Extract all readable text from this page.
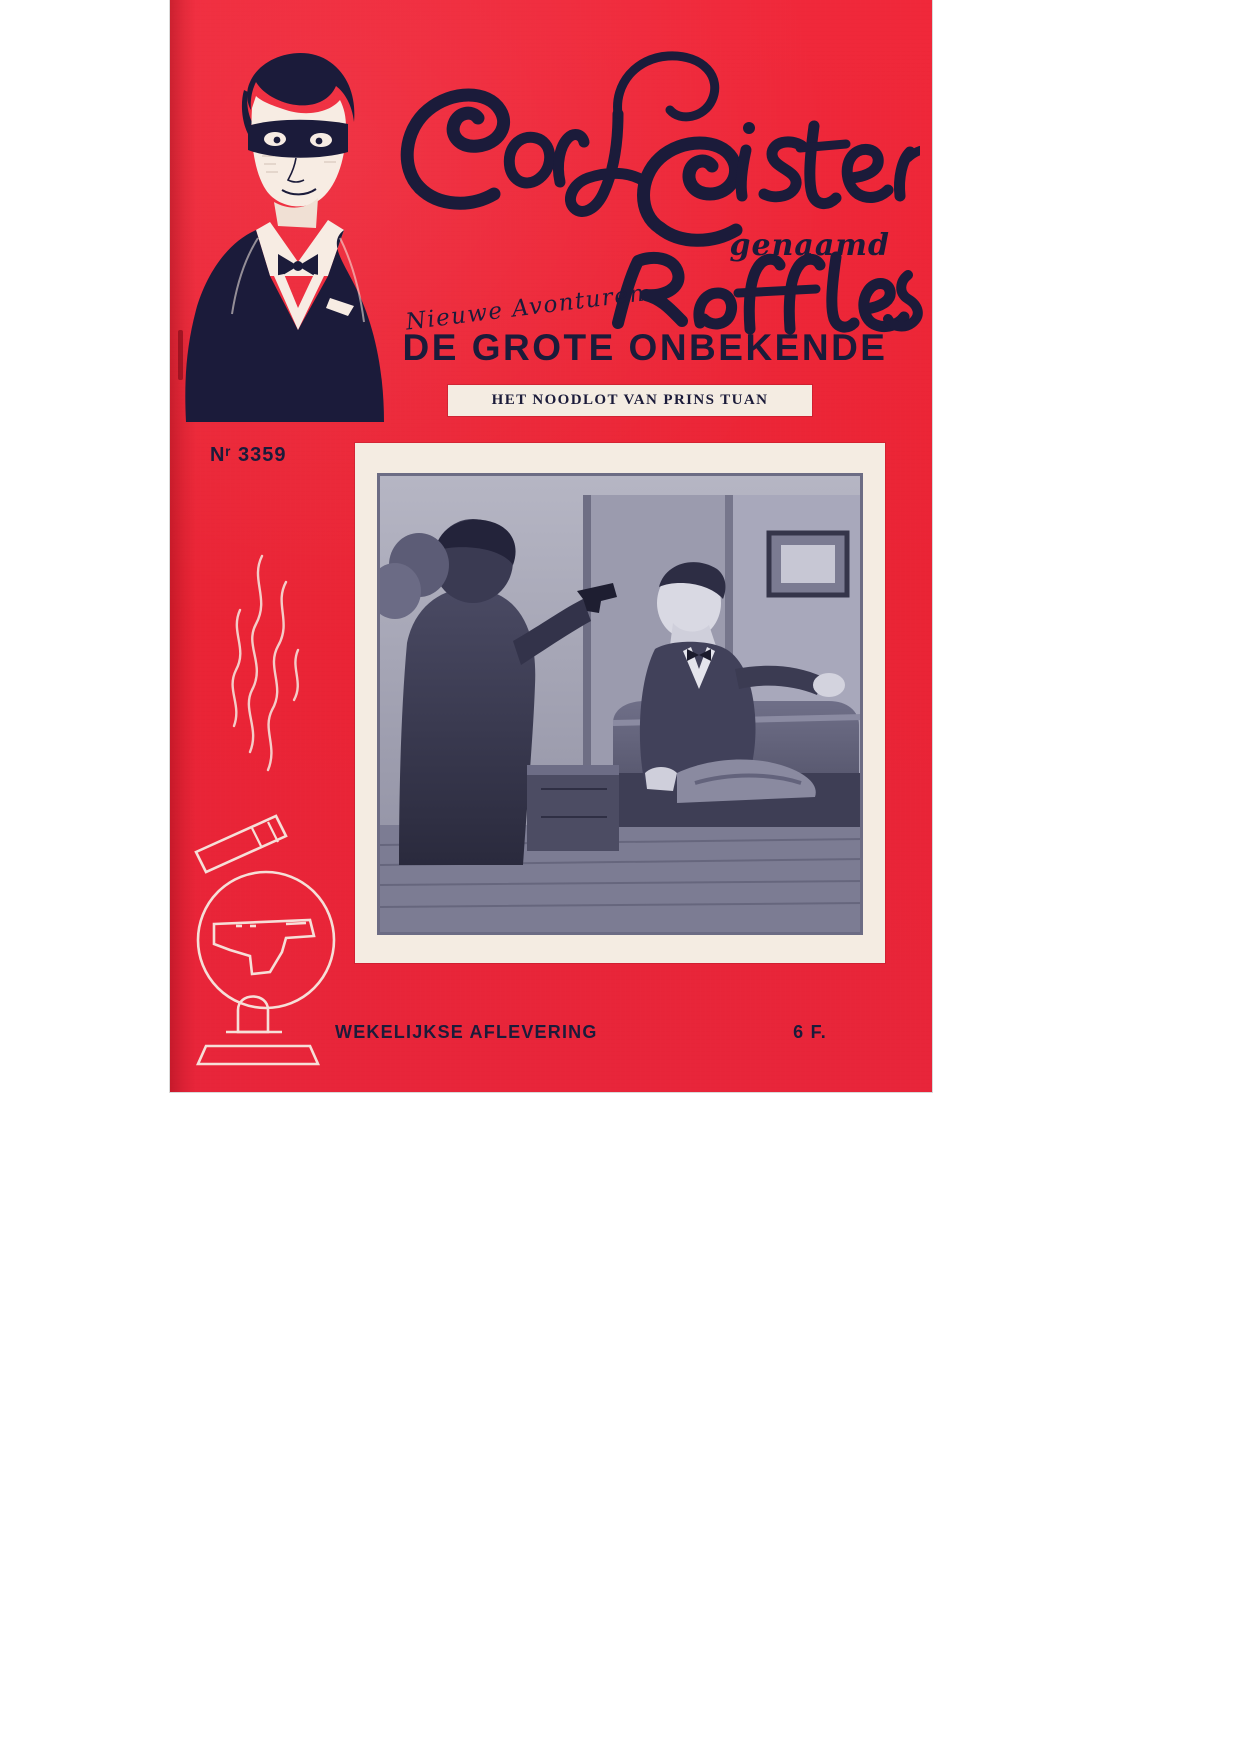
genaamd
Nieuwe Avonturen
DE GROTE ONBEKENDE
HET NOODLOT VAN PRINS TUAN
Nʳ 3359
WEKELIJKSE AFLEVERING	6 F.
